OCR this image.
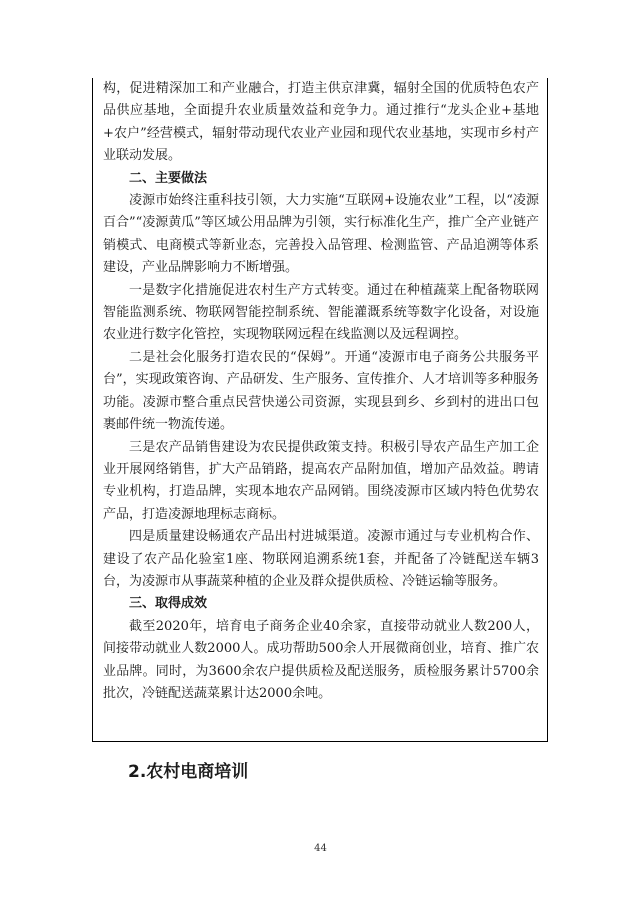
构，促进精深加工和产业融合，打造主供京津冀，辐射全国的优质特色农产品供应基地，全面提升农业质量效益和竞争力。通过推行“龙头企业+基地+农户”经营模式，辐射带动现代农业产业园和现代农业基地，实现市乡村产业联动发展。

二、主要做法

凌源市始终注重科技引领，大力实施“互联网+设施农业”工程，以“凌源百合”“凌源黄瓜”等区域公用品牌为引领，实行标准化生产，推广全产业链产销模式、电商模式等新业态，完善投入品管理、检测监管、产品追溯等体系建设，产业品牌影响力不断增强。

一是数字化措施促进农村生产方式转变。通过在种植蔬菜上配备物联网智能监测系统、物联网智能控制系统、智能灌溉系统等数字化设备，对设施农业进行数字化管控，实现物联网远程在线监测以及远程调控。

二是社会化服务打造农民的“保姆”。开通“凌源市电子商务公共服务平台”，实现政策咨询、产品研发、生产服务、宣传推介、人才培训等多种服务功能。凌源市整合重点民营快递公司资源，实现县到乡、乡到村的进出口包裹邮件统一物流传递。

三是农产品销售建设为农民提供政策支持。积极引导农产品生产加工企业开展网络销售，扩大产品销路，提高农产品附加值，增加产品效益。聘请专业机构，打造品牌，实现本地农产品网销。围绕凌源市区域内特色优势农产品，打造凌源地理标志商标。

四是质量建设畅通农产品出村进城渠道。凌源市通过与专业机构合作、建设了农产品化验室1座、物联网追溯系统1套，并配备了冷链配送车辆3台，为凌源市从事蔬菜种植的企业及群众提供质检、冷链运输等服务。

三、取得成效

截至2020年，培育电子商务企业40余家，直接带动就业人数200人，间接带动就业人数2000人。成功帮助500余人开展微商创业，培育、推广农业品牌。同时，为3600余农户提供质检及配送服务，质检服务累计5700余批次，冷链配送蔬菜累计达2000余吨。

2.农村电商培训

44
